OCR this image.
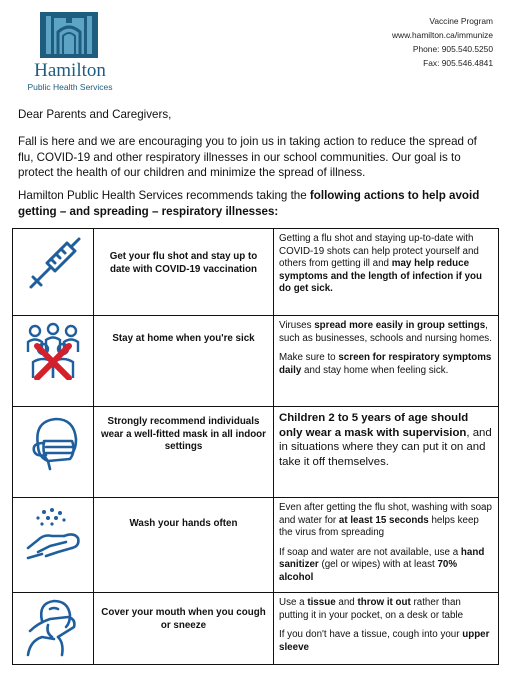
Hamilton
Public Health Services
Vaccine Program
www.hamilton.ca/immunize
Phone: 905.540.5250
Fax: 905.546.4841
Dear Parents and Caregivers,
Fall is here and we are encouraging you to join us in taking action to reduce the spread of flu, COVID-19 and other respiratory illnesses in our school communities. Our goal is to protect the health of our children and minimize the spread of illness.
Hamilton Public Health Services recommends taking the following actions to help avoid getting – and spreading – respiratory illnesses:
	Get your flu shot and stay up to date with COVID-19 vaccination	Getting a flu shot and staying up-to-date with COVID-19 shots can help protect yourself and others from getting ill and may help reduce symptoms and the length of infection if you do get sick.

	Stay at home when you're sick	Viruses spread more easily in group settings, such as businesses, schools and nursing homes.

Make sure to screen for respiratory symptoms daily and stay home when feeling sick.

	Strongly recommend individuals wear a well-fitted mask in all indoor settings	Children 2 to 5 years of age should only wear a mask with supervision, and in situations where they can put it on and take it off themselves.

	Wash your hands often	Even after getting the flu shot, washing with soap and water for at least 15 seconds helps keep the virus from spreading

If soap and water are not available, use a hand sanitizer (gel or wipes) with at least 70% alcohol

	Cover your mouth when you cough or sneeze	Use a tissue and throw it out rather than putting it in your pocket, on a desk or table

If you don't have a tissue, cough into your upper sleeve
